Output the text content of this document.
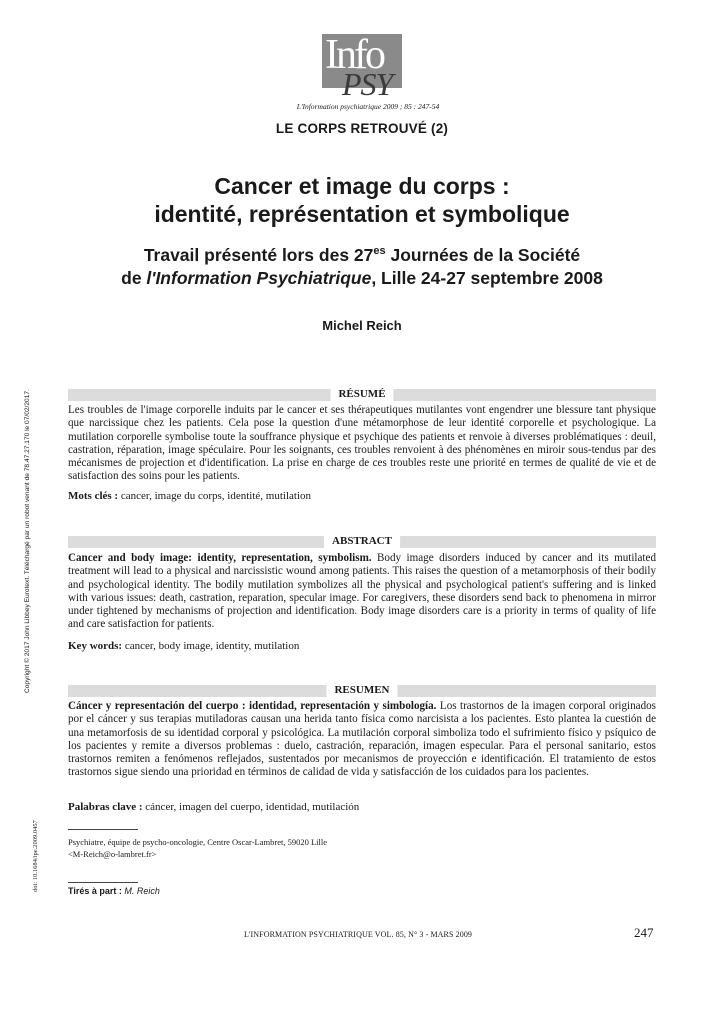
Info
PSY
L'Information psychiatrique 2009 ; 85 : 247-54
LE CORPS RETROUVÉ (2)
Cancer et image du corps :
identité, représentation et symbolique
Travail présenté lors des $27^{es}$ Journées de la Société
de l'Information Psychiatrique, Lille 24-27 septembre 2008
Michel Reich
Copyright © 2017 John Libbey Eurotext. Téléchargé par un robot venant de 78.47.27.170 le 07/02/2017.
doi: 10.1684/ipe.2009.0457
RÉSUMÉ
Les troubles de l'image corporelle induits par le cancer et ses thérapeutiques mutilantes vont engendrer une blessure tant physique que narcissique chez les patients. Cela pose la question d'une métamorphose de leur identité corporelle et psychologique. La mutilation corporelle symbolise toute la souffrance physique et psychique des patients et renvoie à diverses problématiques : deuil, castration, réparation, image spéculaire. Pour les soignants, ces troubles renvoient à des phénomènes en miroir sous-tendus par des mécanismes de projection et d'identification. La prise en charge de ces troubles reste une priorité en termes de qualité de vie et de satisfaction des soins pour les patients.
Mots clés : cancer, image du corps, identité, mutilation
ABSTRACT
Cancer and body image: identity, representation, symbolism. Body image disorders induced by cancer and its mutilated treatment will lead to a physical and narcissistic wound among patients. This raises the question of a metamorphosis of their bodily and psychological identity. The bodily mutilation symbolizes all the physical and psychological patient's suffering and is linked with various issues: death, castration, reparation, specular image. For caregivers, these disorders send back to phenomena in mirror under tightened by mechanisms of projection and identification. Body image disorders care is a priority in terms of quality of life and care satisfaction for patients.
Key words: cancer, body image, identity, mutilation
RESUMEN
Cáncer y representación del cuerpo : identidad, representación y simbología. Los trastornos de la imagen corporal originados por el cáncer y sus terapias mutiladoras causan una herida tanto física como narcisista a los pacientes. Esto plantea la cuestión de una metamorfosis de su identidad corporal y psicológica. La mutilación corporal simboliza todo el sufrimiento físico y psíquico de los pacientes y remite a diversos problemas : duelo, castración, reparación, imagen especular. Para el personal sanitario, estos trastornos remiten a fenómenos reflejados, sustentados por mecanismos de proyección e identificación. El tratamiento de estos trastornos sigue siendo una prioridad en términos de calidad de vida y satisfacción de los cuidados para los pacientes.
Palabras clave : cáncer, imagen del cuerpo, identidad, mutilación
Psychiatre, équipe de psycho-oncologie, Centre Oscar-Lambret, 59020 Lille
<M-Reich@o-lambret.fr>
Tirés à part : M. Reich
L'INFORMATION PSYCHIATRIQUE VOL. 85, N° 3 - MARS 2009	247
